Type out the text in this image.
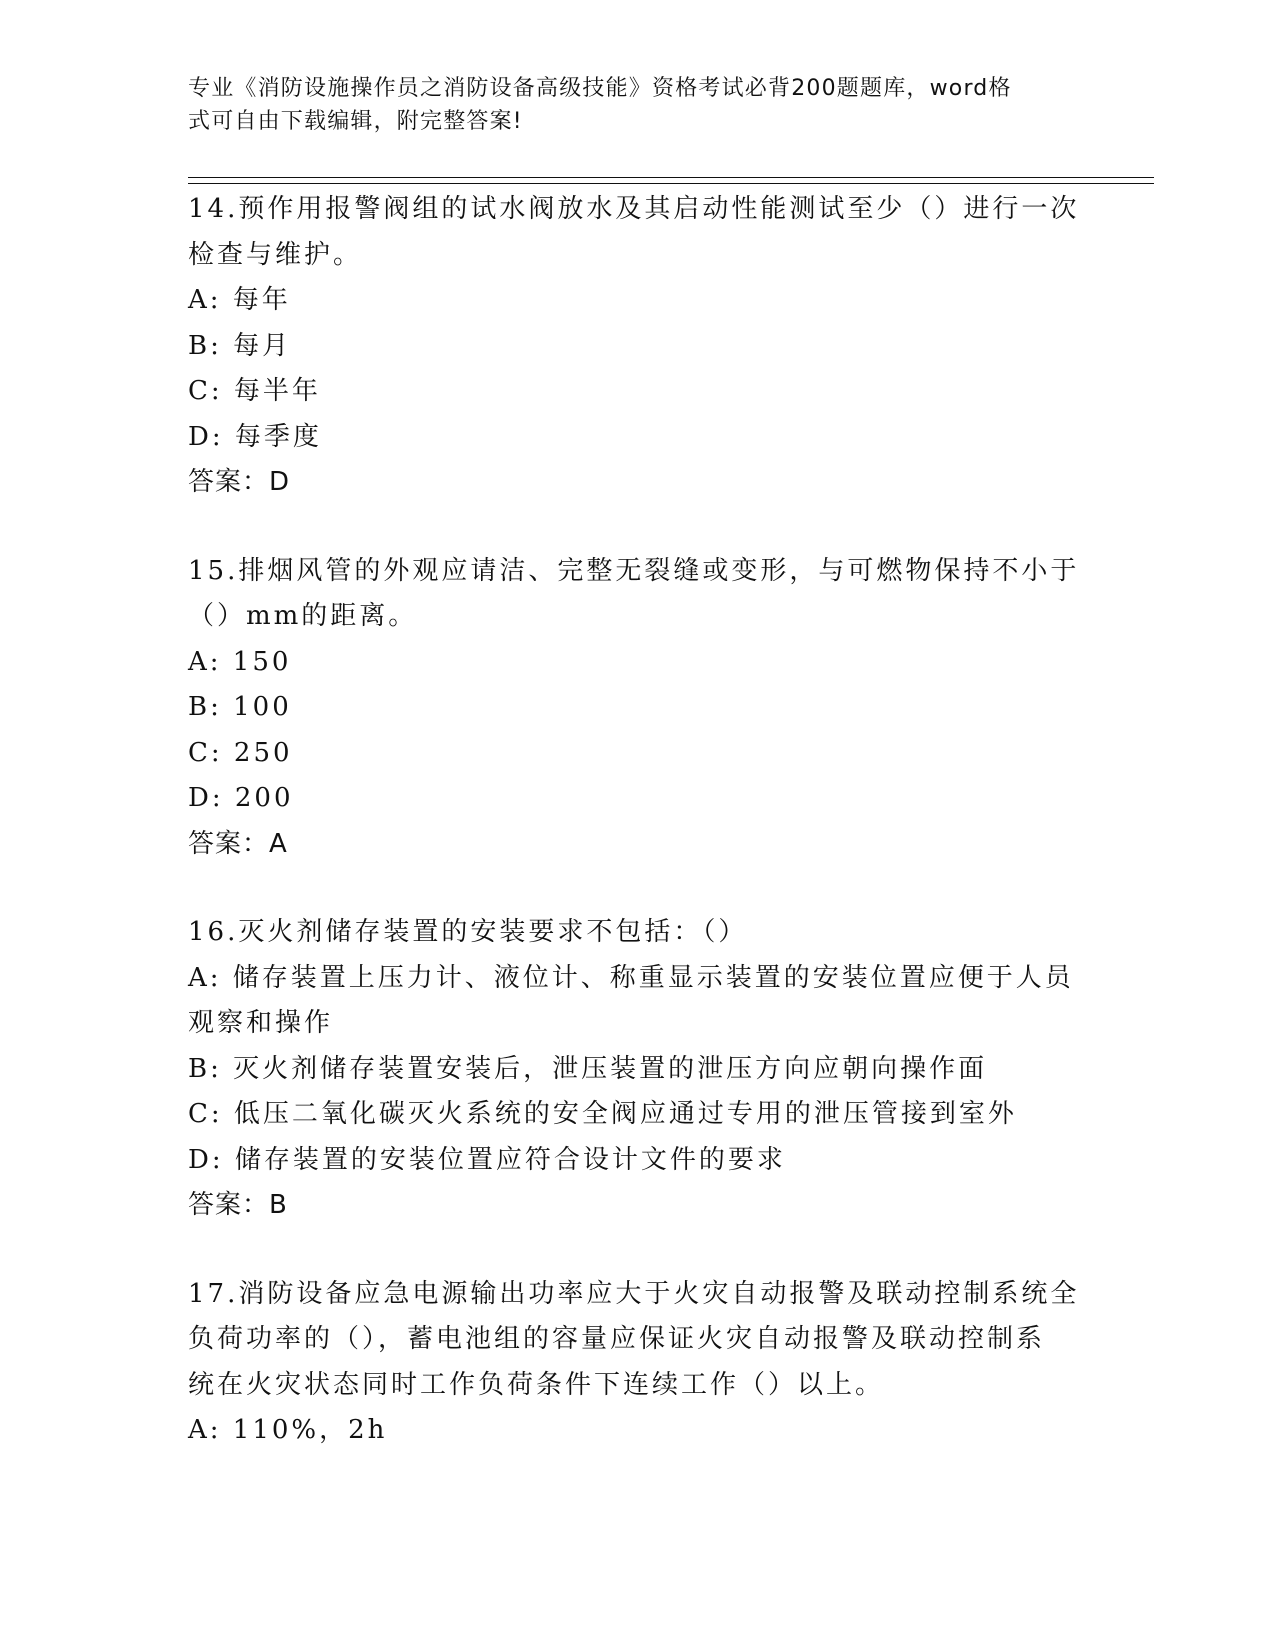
专业《消防设施操作员之消防设备高级技能》资格考试必背200题题库，word格
式可自由下载编辑，附完整答案!
14.预作用报警阀组的试水阀放水及其启动性能测试至少（）进行一次
检查与维护。
A: 每年
B: 每月
C: 每半年
D: 每季度
答案：D
15.排烟风管的外观应请洁、完整无裂缝或变形，与可燃物保持不小于
（）mm的距离。
A: 150
B: 100
C: 250
D: 200
答案：A
16.灭火剂储存装置的安装要求不包括：（）
A: 储存装置上压力计、液位计、称重显示装置的安装位置应便于人员
观察和操作
B: 灭火剂储存装置安装后，泄压装置的泄压方向应朝向操作面
C: 低压二氧化碳灭火系统的安全阀应通过专用的泄压管接到室外
D: 储存装置的安装位置应符合设计文件的要求
答案：B
17.消防设备应急电源输出功率应大于火灾自动报警及联动控制系统全
负荷功率的（），蓄电池组的容量应保证火灾自动报警及联动控制系
统在火灾状态同时工作负荷条件下连续工作（）以上。
A: 110%，2h
